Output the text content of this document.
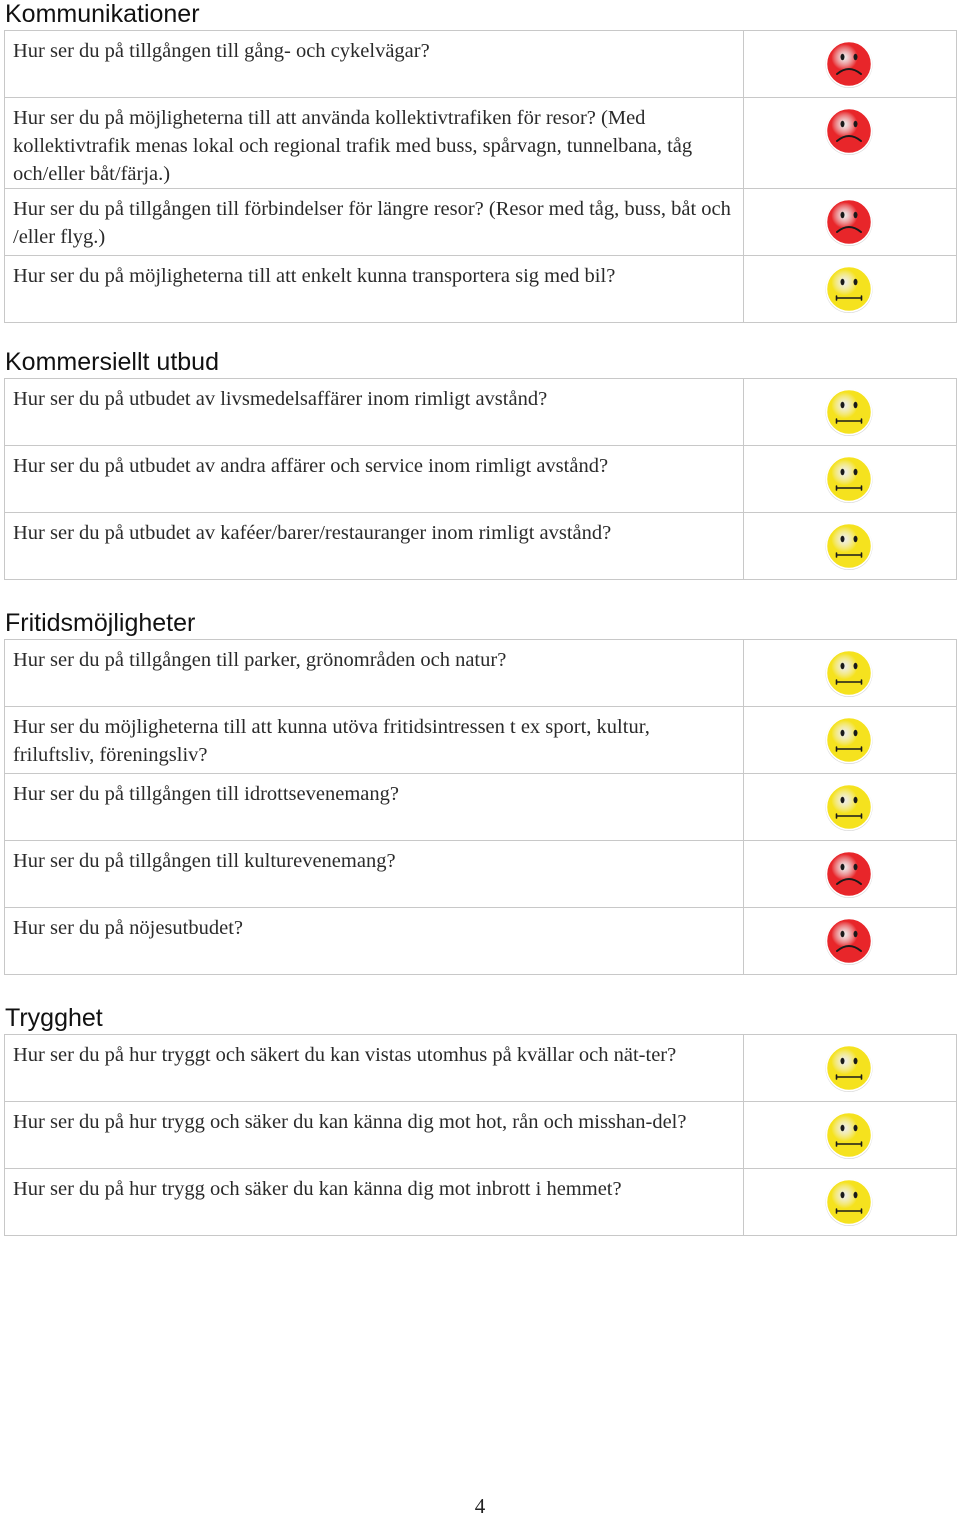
Kommunikationer
Hur ser du på tillgången till gång- och cykelvägar?	

Hur ser du på möjligheterna till att använda kollektivtrafiken för resor? (Med kollektivtrafik menas lokal och regional trafik med buss, spårvagn, tunnelbana, tåg och/eller båt/färja.)	

Hur ser du på tillgången till förbindelser för längre resor? (Resor med tåg, buss, båt och /eller flyg.)	

Hur ser du på möjligheterna till att enkelt kunna transportera sig med bil?	
Kommersiellt utbud
Hur ser du på utbudet av livsmedelsaffärer inom rimligt avstånd?	

Hur ser du på utbudet av andra affärer och service inom rimligt avstånd?	

Hur ser du på utbudet av kaféer/barer/restauranger inom rimligt avstånd?	
Fritidsmöjligheter
Hur ser du på tillgången till parker, grönområden och natur?	

Hur ser du möjligheterna till att kunna utöva fritidsintressen t ex sport, kultur, friluftsliv, föreningsliv?	

Hur ser du på tillgången till idrottsevenemang?	

Hur ser du på tillgången till kulturevenemang?	

Hur ser du på nöjesutbudet?	
Trygghet
Hur ser du på hur tryggt och säkert du kan vistas utomhus på kvällar och nät-ter?	

Hur ser du på hur trygg och säker du kan känna dig mot hot, rån och misshan-del?	

Hur ser du på hur trygg och säker du kan känna dig mot inbrott i hemmet?	
4
